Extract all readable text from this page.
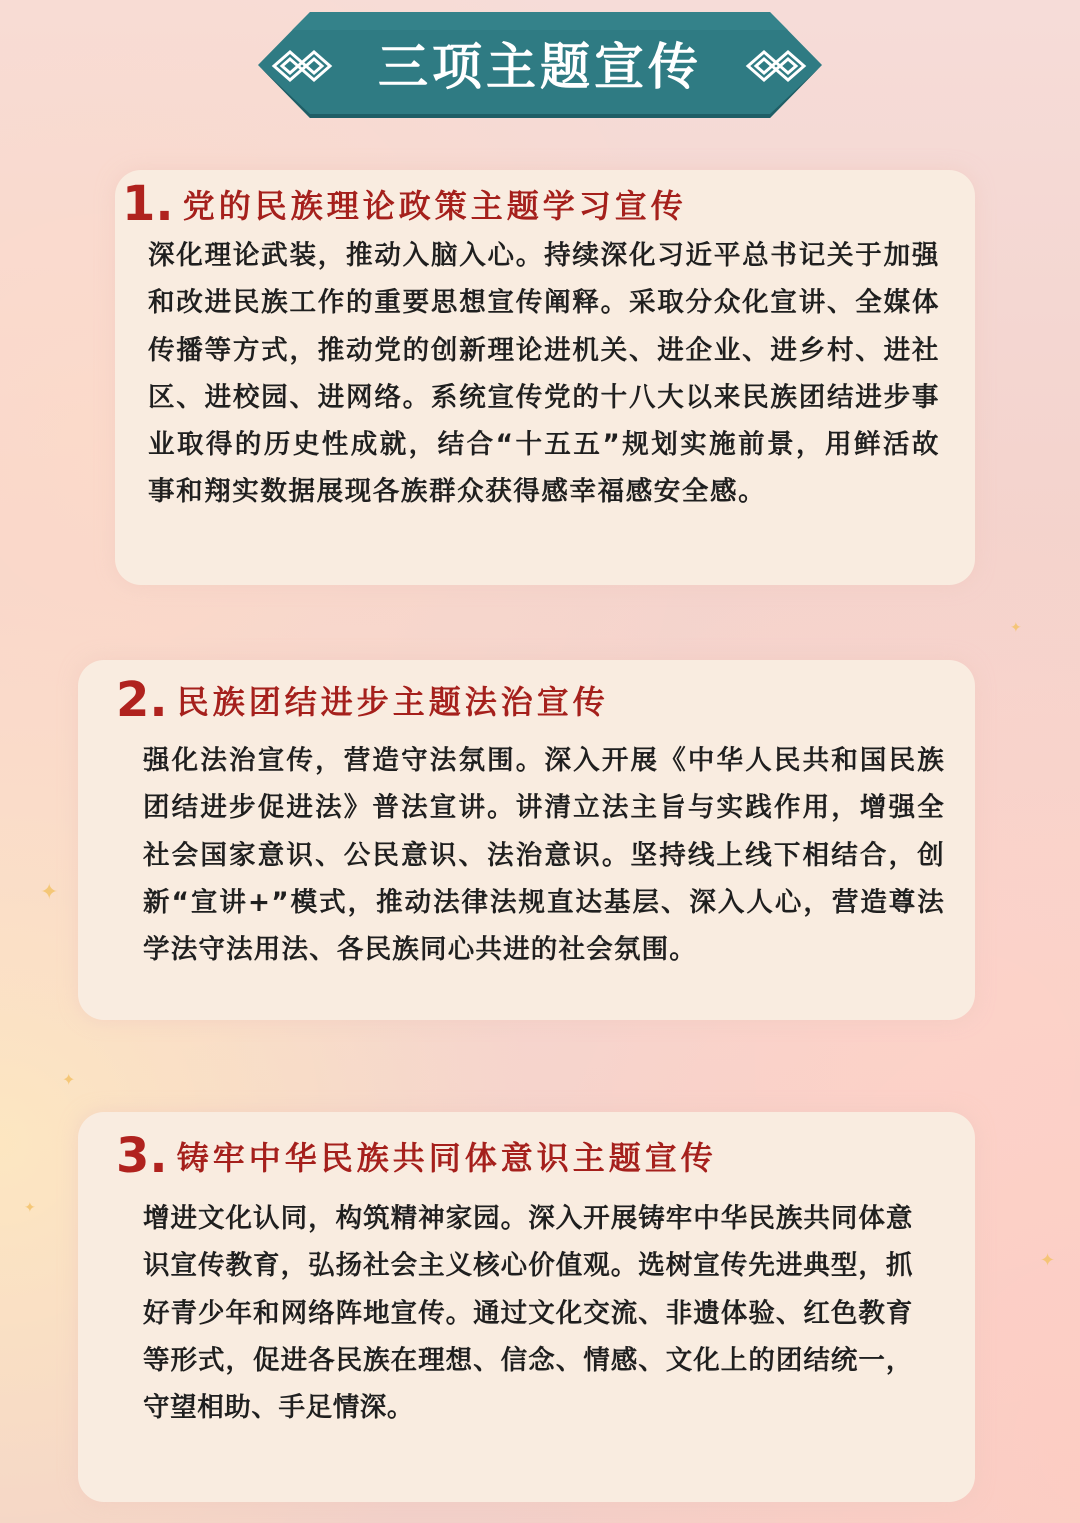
✦
✦
✦
✦
✦
三项主题宣传
1. 党的民族理论政策主题学习宣传
深化理论武装，推动入脑入心。持续深化习近平总书记关于加强和改进民族工作的重要思想宣传阐释。采取分众化宣讲、全媒体传播等方式，推动党的创新理论进机关、进企业、进乡村、进社区、进校园、进网络。系统宣传党的十八大以来民族团结进步事业取得的历史性成就，结合“十五五”规划实施前景，用鲜活故事和翔实数据展现各族群众获得感幸福感安全感。
2. 民族团结进步主题法治宣传
强化法治宣传，营造守法氛围。深入开展《中华人民共和国民族团结进步促进法》普法宣讲。讲清立法主旨与实践作用，增强全社会国家意识、公民意识、法治意识。坚持线上线下相结合，创新“宣讲+”模式，推动法律法规直达基层、深入人心，营造尊法学法守法用法、各民族同心共进的社会氛围。
3. 铸牢中华民族共同体意识主题宣传
增进文化认同，构筑精神家园。深入开展铸牢中华民族共同体意识宣传教育，弘扬社会主义核心价值观。选树宣传先进典型，抓好青少年和网络阵地宣传。通过文化交流、非遗体验、红色教育等形式，促进各民族在理想、信念、情感、文化上的团结统一，守望相助、手足情深。
